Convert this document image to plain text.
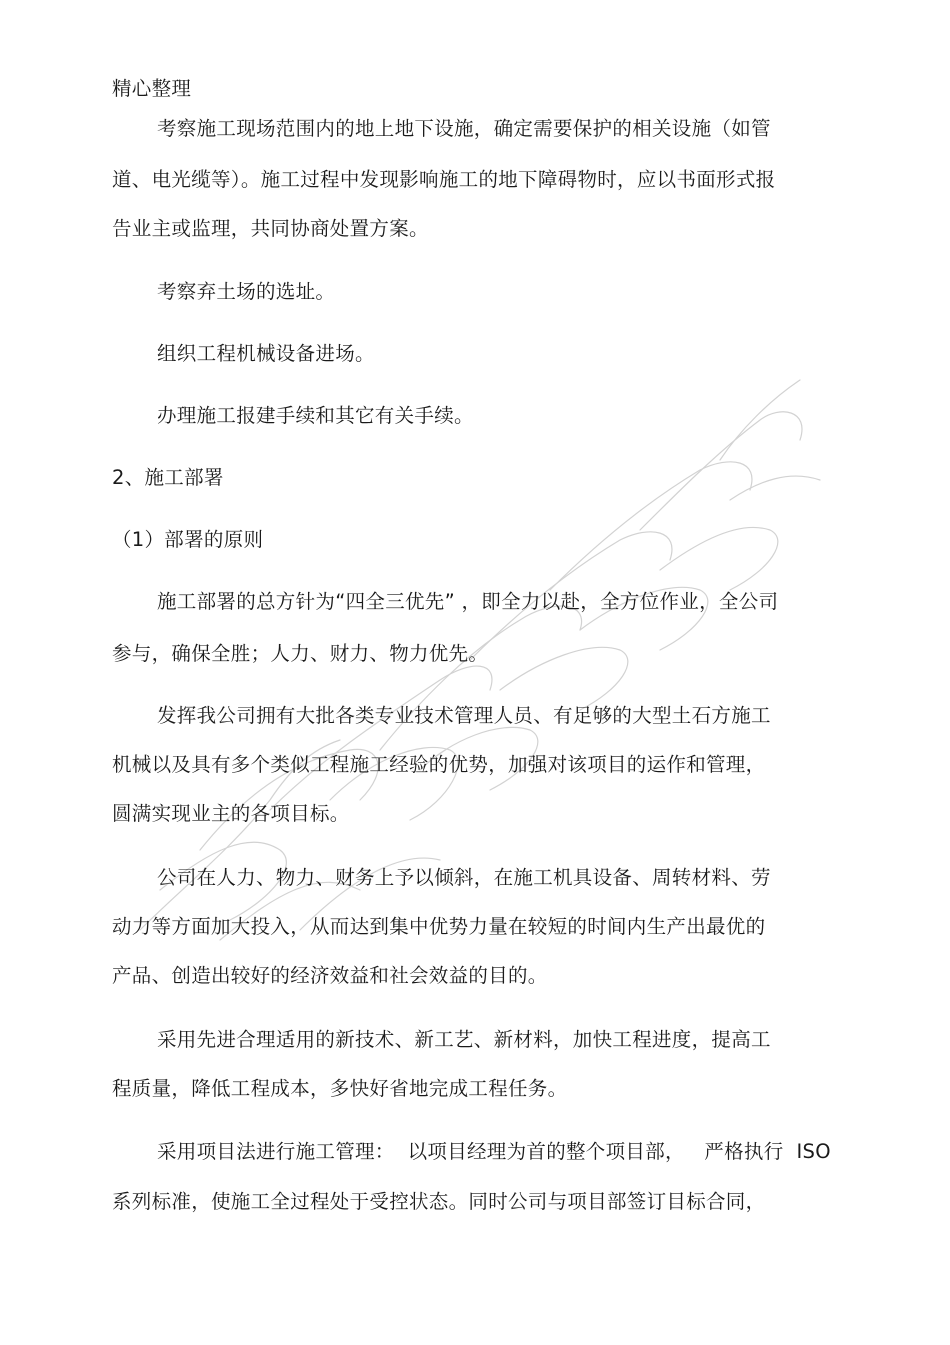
精心整理
考察施工现场范围内的地上地下设施，确定需要保护的相关设施（如管
道、电光缆等）。施工过程中发现影响施工的地下障碍物时，应以书面形式报
告业主或监理，共同协商处置方案。
考察弃土场的选址。
组织工程机械设备进场。
办理施工报建手续和其它有关手续。
2、施工部署
（1）部署的原则
施工部署的总方针为“四全三优先” ，即全力以赴，全方位作业，全公司
参与，确保全胜；人力、财力、物力优先。
发挥我公司拥有大批各类专业技术管理人员、有足够的大型土石方施工
机械以及具有多个类似工程施工经验的优势，加强对该项目的运作和管理，
圆满实现业主的各项目标。
公司在人力、物力、财务上予以倾斜，在施工机具设备、周转材料、劳
动力等方面加大投入，从而达到集中优势力量在较短的时间内生产出最优的
产品、创造出较好的经济效益和社会效益的目的。
采用先进合理适用的新技术、新工艺、新材料，加快工程进度，提高工
程质量，降低工程成本，多快好省地完成工程任务。
采用项目法进行施工管理：  以项目经理为首的整个项目部，   严格执行  ISO
系列标准，使施工全过程处于受控状态。同时公司与项目部签订目标合同，
